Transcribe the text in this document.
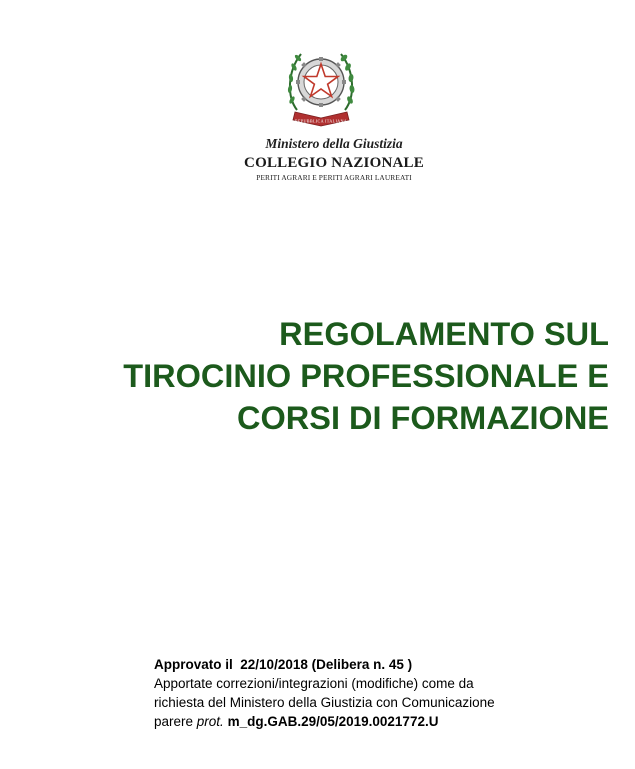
REPUBBLICA ITALIANA
Ministero della Giustizia
COLLEGIO NAZIONALE
PERITI AGRARI E PERITI AGRARI LAUREATI
REGOLAMENTO SUL
TIROCINIO PROFESSIONALE E
CORSI DI FORMAZIONE
Approvato il 22/10/2018 (Delibera n. 45 )
Apportate correzioni/integrazioni (modifiche) come da
richiesta del Ministero della Giustizia con Comunicazione
parere prot. m_dg.GAB.29/05/2019.0021772.U
